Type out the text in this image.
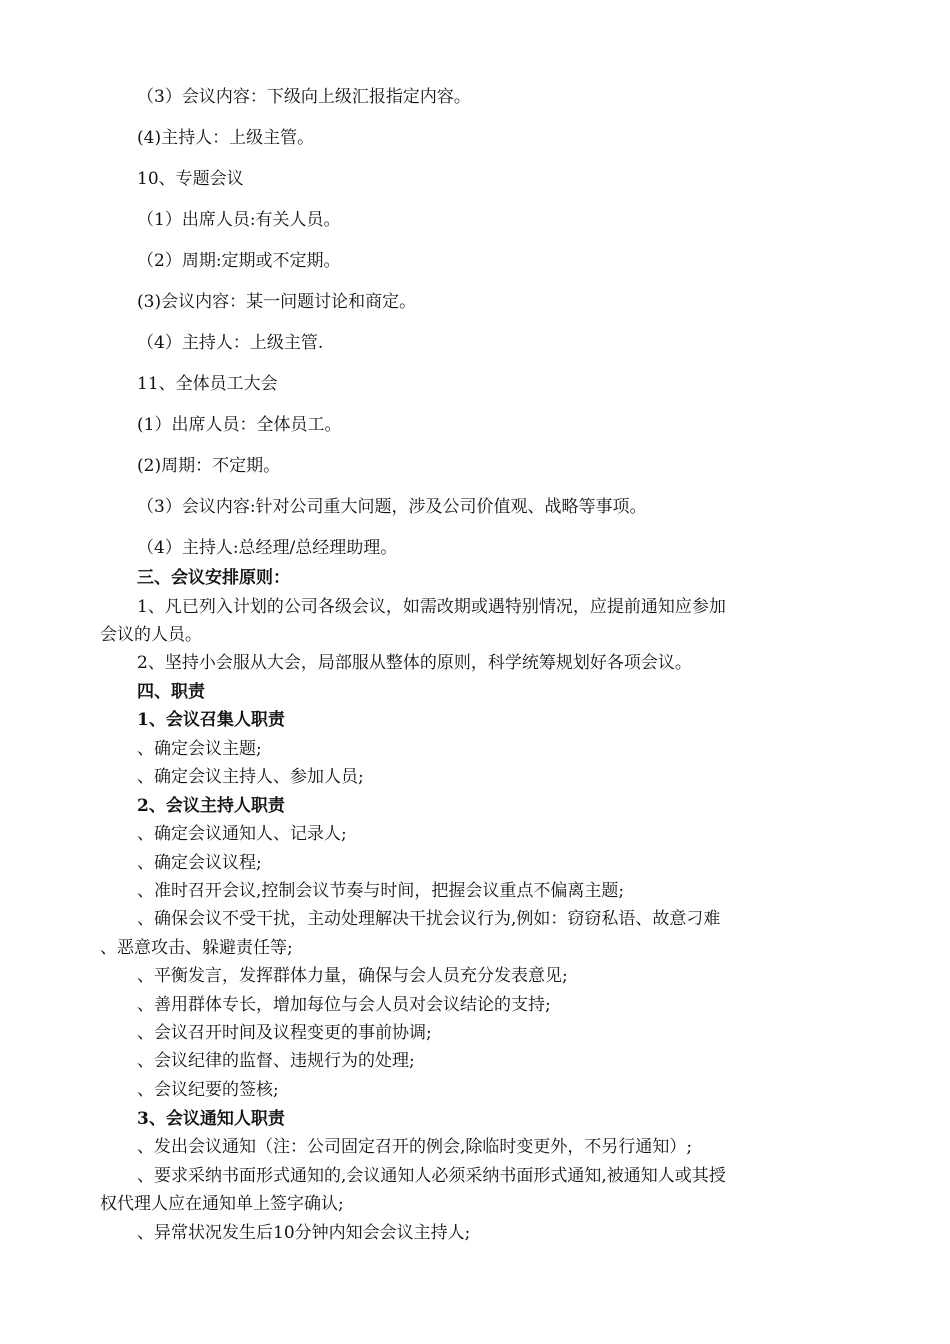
（3）会议内容：下级向上级汇报指定内容。
(4)主持人：上级主管。
10、专题会议
（1）出席人员:有关人员。
（2）周期:定期或不定期。
(3)会议内容：某一问题讨论和商定。
（4）主持人：上级主管.
11、全体员工大会
(1）出席人员：全体员工。
(2)周期：不定期。
（3）会议内容:针对公司重大问题，涉及公司价值观、战略等事项。
（4）主持人:总经理/总经理助理。
三、会议安排原则：
1、凡已列入计划的公司各级会议，如需改期或遇特别情况，应提前通知应参加
会议的人员。
2、坚持小会服从大会，局部服从整体的原则，科学统筹规划好各项会议。
四、职责
1、会议召集人职责
、确定会议主题;
、确定会议主持人、参加人员;
2、会议主持人职责
、确定会议通知人、记录人;
、确定会议议程;
、准时召开会议,控制会议节奏与时间，把握会议重点不偏离主题;
、确保会议不受干扰，主动处理解决干扰会议行为,例如：窃窃私语、故意刁难
、恶意攻击、躲避责任等;
、平衡发言，发挥群体力量，确保与会人员充分发表意见;
、善用群体专长，增加每位与会人员对会议结论的支持;
、会议召开时间及议程变更的事前协调;
、会议纪律的监督、违规行为的处理;
、会议纪要的签核;
3、会议通知人职责
、发出会议通知（注：公司固定召开的例会,除临时变更外，不另行通知）;
、要求采纳书面形式通知的,会议通知人必须采纳书面形式通知,被通知人或其授
权代理人应在通知单上签字确认;
、异常状况发生后10分钟内知会会议主持人;
